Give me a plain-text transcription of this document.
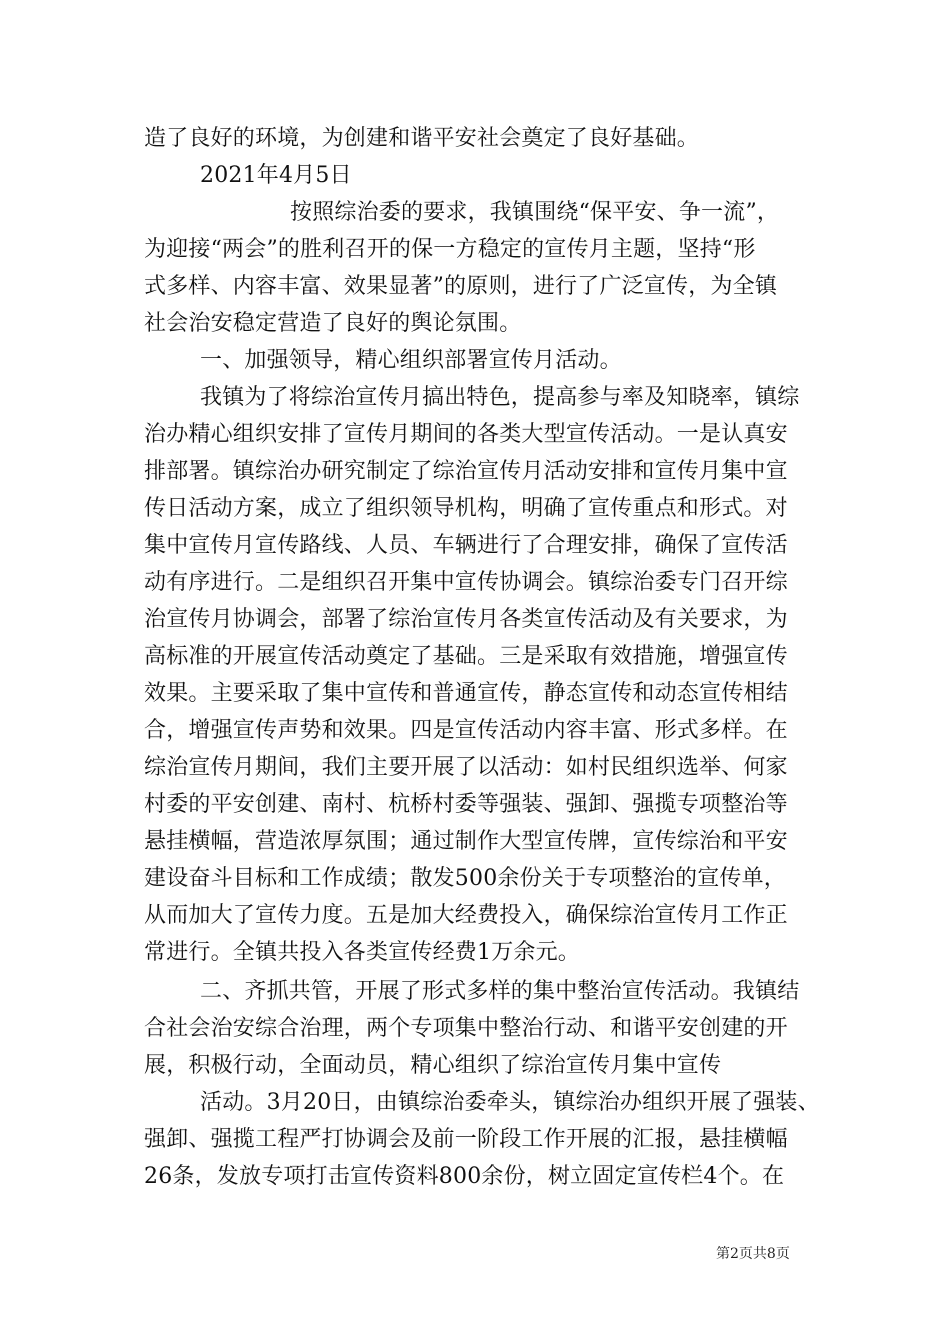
造了良好的环境，为创建和谐平安社会奠定了良好基础。
2021年4月5日
按照综治委的要求，我镇围绕“保平安、争一流”，
为迎接“两会”的胜利召开的保一方稳定的宣传月主题，坚持“形
式多样、内容丰富、效果显著”的原则，进行了广泛宣传，为全镇
社会治安稳定营造了良好的舆论氛围。
一、加强领导，精心组织部署宣传月活动。
我镇为了将综治宣传月搞出特色，提高参与率及知晓率，镇综
治办精心组织安排了宣传月期间的各类大型宣传活动。一是认真安
排部署。镇综治办研究制定了综治宣传月活动安排和宣传月集中宣
传日活动方案，成立了组织领导机构，明确了宣传重点和形式。对
集中宣传月宣传路线、人员、车辆进行了合理安排，确保了宣传活
动有序进行。二是组织召开集中宣传协调会。镇综治委专门召开综
治宣传月协调会，部署了综治宣传月各类宣传活动及有关要求，为
高标准的开展宣传活动奠定了基础。三是采取有效措施，增强宣传
效果。主要采取了集中宣传和普通宣传，静态宣传和动态宣传相结
合，增强宣传声势和效果。四是宣传活动内容丰富、形式多样。在
综治宣传月期间，我们主要开展了以活动：如村民组织选举、何家
村委的平安创建、南村、杭桥村委等强装、强卸、强揽专项整治等
悬挂横幅，营造浓厚氛围；通过制作大型宣传牌，宣传综治和平安
建设奋斗目标和工作成绩；散发500余份关于专项整治的宣传单，
从而加大了宣传力度。五是加大经费投入，确保综治宣传月工作正
常进行。全镇共投入各类宣传经费1万余元。
二、齐抓共管，开展了形式多样的集中整治宣传活动。我镇结
合社会治安综合治理，两个专项集中整治行动、和谐平安创建的开
展，积极行动，全面动员，精心组织了综治宣传月集中宣传
活动。3月20日，由镇综治委牵头，镇综治办组织开展了强装、
强卸、强揽工程严打协调会及前一阶段工作开展的汇报，悬挂横幅
26条，发放专项打击宣传资料800余份，树立固定宣传栏4个。在
第2页共8页
